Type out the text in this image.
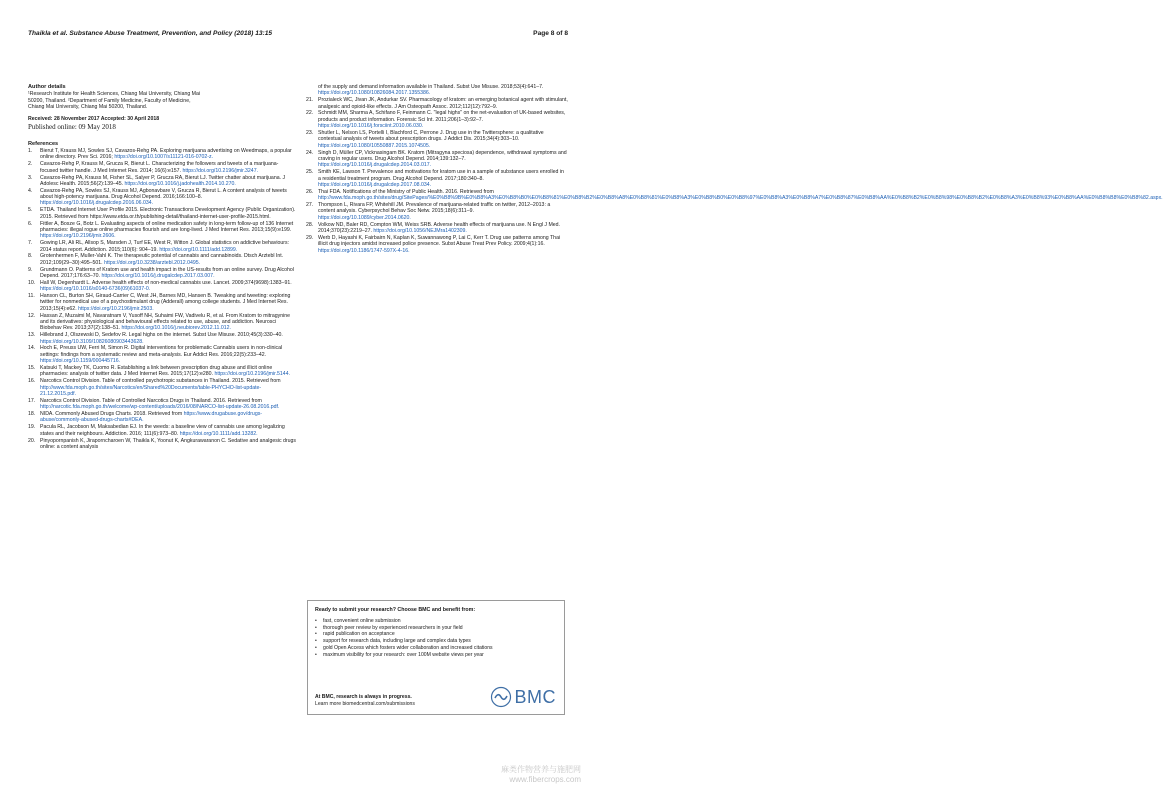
Thaikla et al. Substance Abuse Treatment, Prevention, and Policy (2018) 13:15	Page 8 of 8
Author details
¹Research Institute for Health Sciences, Chiang Mai University, Chiang Mai
50200, Thailand. ²Department of Family Medicine, Faculty of Medicine,
Chiang Mai University, Chiang Mai 50200, Thailand.
Received: 28 November 2017 Accepted: 30 April 2018
Published online: 09 May 2018
References
1.	Bierut T, Krauss MJ, Sowles SJ, Cavazos-Rehg PA. Exploring marijuana advertising on Weedmaps, a popular online directory. Prev Sci. 2016; https://doi.org/10.1007/s11121-016-0702-z.
2.	Cavazos-Rehg P, Krauss M, Grucza R, Bierut L. Characterizing the followers and tweets of a marijuana-focused twitter handle. J Med Internet Res. 2014; 16(6):e157. https://doi.org/10.2196/jmir.3247.
3.	Cavazos-Rehg PA, Krauss M, Fisher SL, Salyer P, Grucza RA, Bierut LJ. Twitter chatter about marijuana. J Adolesc Health. 2015;56(2):139–45. https://doi.org/10.1016/j.jadohealth.2014.10.270.
4.	Cavazos-Rehg PA, Sowles SJ, Krauss MJ, Agbonavbare V, Grucza R, Bierut L. A content analysis of tweets about high-potency marijuana. Drug Alcohol Depend. 2016;166:100–8. https://doi.org/10.1016/j.drugalcdep.2016.06.034.
5.	ETDA. Thailand Internet User Profile 2015. Electronic Transactions Development Agency (Public Organization). 2015. Retrieved from https://www.etda.or.th/publishing-detail/thailand-internet-user-profile-2015.html.
6.	Fittler A, Bosze G, Botz L. Evaluating aspects of online medication safety in long-term follow-up of 136 Internet pharmacies: illegal rogue online pharmacies flourish and are long-lived. J Med Internet Res. 2013;15(9):e199. https://doi.org/10.2196/jmir.2606.
7.	Gowing LR, Ali RL, Allsop S, Marsden J, Turf EE, West R, Witton J. Global statistics on addictive behaviours: 2014 status report. Addiction. 2015;110(6): 904–19. https://doi.org/10.1111/add.12899.
8.	Grotenhermen F, Muller-Vahl K. The therapeutic potential of cannabis and cannabinoids. Dtsch Arztebl Int. 2012;109(29–30):495–501. https://doi.org/10.3238/arztebl.2012.0495.
9.	Grundmann O. Patterns of Kratom use and health impact in the US-results from an online survey. Drug Alcohol Depend. 2017;176:63–70. https://doi.org/10.1016/j.drugalcdep.2017.03.007.
10. Hall W, Degenhardt L. Adverse health effects of non-medical cannabis use. Lancet. 2009;374(9698):1383–91. https://doi.org/10.1016/s0140-6736(09)61037-0.
11. Hanson CL, Burton SH, Giraud-Carrier C, West JH, Barnes MD, Hansen B. Tweaking and tweeting: exploring twitter for nonmedical use of a psychostimulant drug (Adderall) among college students. J Med Internet Res. 2013;15(4):e62. https://doi.org/10.2196/jmir.2503.
12. Hassan Z, Muzaimi M, Navaratnam V, Yusoff NH, Suhaimi FW, Vadivelu R, et al. From Kratom to mitragynine and its derivatives: physiological and behavioural effects related to use, abuse, and addiction. Neurosci Biobehav Rev. 2013;37(2):138–51. https://doi.org/10.1016/j.neubiorev.2012.11.012.
13. Hillebrand J, Olszewski D, Sedefov R. Legal highs on the internet. Subst Use Misuse. 2010;45(3):330–40. https://doi.org/10.3109/10826080903443628.
14. Hoch E, Preuss UW, Ferri M, Simon R. Digital interventions for problematic Cannabis users in non-clinical settings: findings from a systematic review and meta-analysis. Eur Addict Res. 2016;22(5):233–42. https://doi.org/10.1159/000445716.
15. Katsuki T, Mackey TK, Cuomo R. Establishing a link between prescription drug abuse and illicit online pharmacies: analysis of twitter data. J Med Internet Res. 2015;17(12):e280. https://doi.org/10.2196/jmir.5144.
16. Narcotics Control Division. Table of controlled psychotropic substances in Thailand. 2015. Retrieved from http://www.fda.moph.go.th/sites/Narcotics/en/Shared%20Documents/table-PHYCHO-list-update-21.12.2015.pdf.
17. Narcotics Control Division. Table of Controlled Narcotics Drugs in Thailand. 2016. Retrieved from http://narcotic.fda.moph.go.th/welcome/wp-content/uploads/2016/08/NARCO-list-update-26.08.2016.pdf.
18. NIDA. Commonly Abused Drugs Charts. 2018. Retrieved from https://www.drugabuse.gov/drugs-abuse/commonly-abused-drugs-charts#DEA.
19. Pacula RL, Jacobson M, Maksabedian EJ. In the weeds: a baseline view of cannabis use among legalizing states and their neighbours. Addiction. 2016; 111(6):973–80. https://doi.org/10.1111/add.13282.
20. Pinyopornpanish K, Jiraporncharoen W, Thaikla K, Yoonut K, Angkurawaranon C. Sedative and analgesic drugs online: a content analysis
of the supply and demand information available in Thailand. Subst Use Misuse. 2018;53(4):641–7. https://doi.org/10.1080/10826084.2017.1355386.
21. Prozialeck WC, Jivan JK, Andurkar SV. Pharmacology of kratom: an emerging botanical agent with stimulant, analgesic and opioid-like effects. J Am Osteopath Assoc. 2012;112(12):792–9.
22. Schmidt MM, Sharma A, Schifano F, Feinmann C. "legal highs" on the net-evaluation of UK-based websites, products and product information. Forensic Sci Int. 2011;206(1–3):92–7. https://doi.org/10.1016/j.forsciint.2010.06.030.
23. Shutler L, Nelson LS, Portelli I, Blachford C, Perrone J. Drug use in the Twittersphere: a qualitative contextual analysis of tweets about prescription drugs. J Addict Dis. 2015;34(4):303–10. https://doi.org/10.1080/10550887.2015.1074505.
24. Singh D, Müller CP, Vicknasingam BK. Kratom (Mitragyna speciosa) dependence, withdrawal symptoms and craving in regular users. Drug Alcohol Depend. 2014;139:132–7. https://doi.org/10.1016/j.drugalcdep.2014.03.017.
25. Smith KE, Lawson T. Prevalence and motivations for kratom use in a sample of substance users enrolled in a residential treatment program. Drug Alcohol Depend. 2017;180:340–8. https://doi.org/10.1016/j.drugalcdep.2017.08.034.
26. Thai FDA. Notifications of the Ministry of Public Health. 2016. Retrieved from http://www.fda.moph.go.th/sites/drug/SitePages/%E0%B8%9B%E0%B8%A3%E0%B8%B0%E0%B8%81%E0%B8%B2%E0%B8%A8%E0%B8%81%E0%B8%A3%E0%B8%B0%E0%B8%97%E0%B8%A3%E0%B8%A7%E0%B8%87%E0%B8%AA%E0%B8%B2%E0%B8%98%E0%B8%B2%E0%B8%A3%E0%B8%93%E0%B8%AA%E0%B8%B8%E0%B8%82.aspx.
27. Thompson L, Rivara FP, Whitehill JM. Prevalence of marijuana-related traffic on twitter, 2012–2013: a content analysis. Cyberpsychol Behav Soc Netw. 2015;18(6):311–9. https://doi.org/10.1089/cyber.2014.0620.
28. Volkow ND, Baler RD, Compton WM, Weiss SRB. Adverse health effects of marijuana use. N Engl J Med. 2014;370(23):2219–27. https://doi.org/10.1056/NEJMra1402309.
29. Werb D, Hayashi K, Fairbairn N, Kaplan K, Suwannawong P, Lai C, Kerr T. Drug use patterns among Thai illicit drug injectors amidst increased police presence. Subst Abuse Treat Prev Policy. 2009;4(1):16. https://doi.org/10.1186/1747-597X-4-16.
Ready to submit your research? Choose BMC and benefit from:
•	fast, convenient online submission
•	thorough peer review by experienced researchers in your field
•	rapid publication on acceptance
•	support for research data, including large and complex data types
•	gold Open Access which fosters wider collaboration and increased citations
•	maximum visibility for your research: over 100M website views per year
At BMC, research is always in progress.
Learn more biomedcentral.com/submissions	BMC
麻类作物营养与施肥网
www.fibercrops.com
